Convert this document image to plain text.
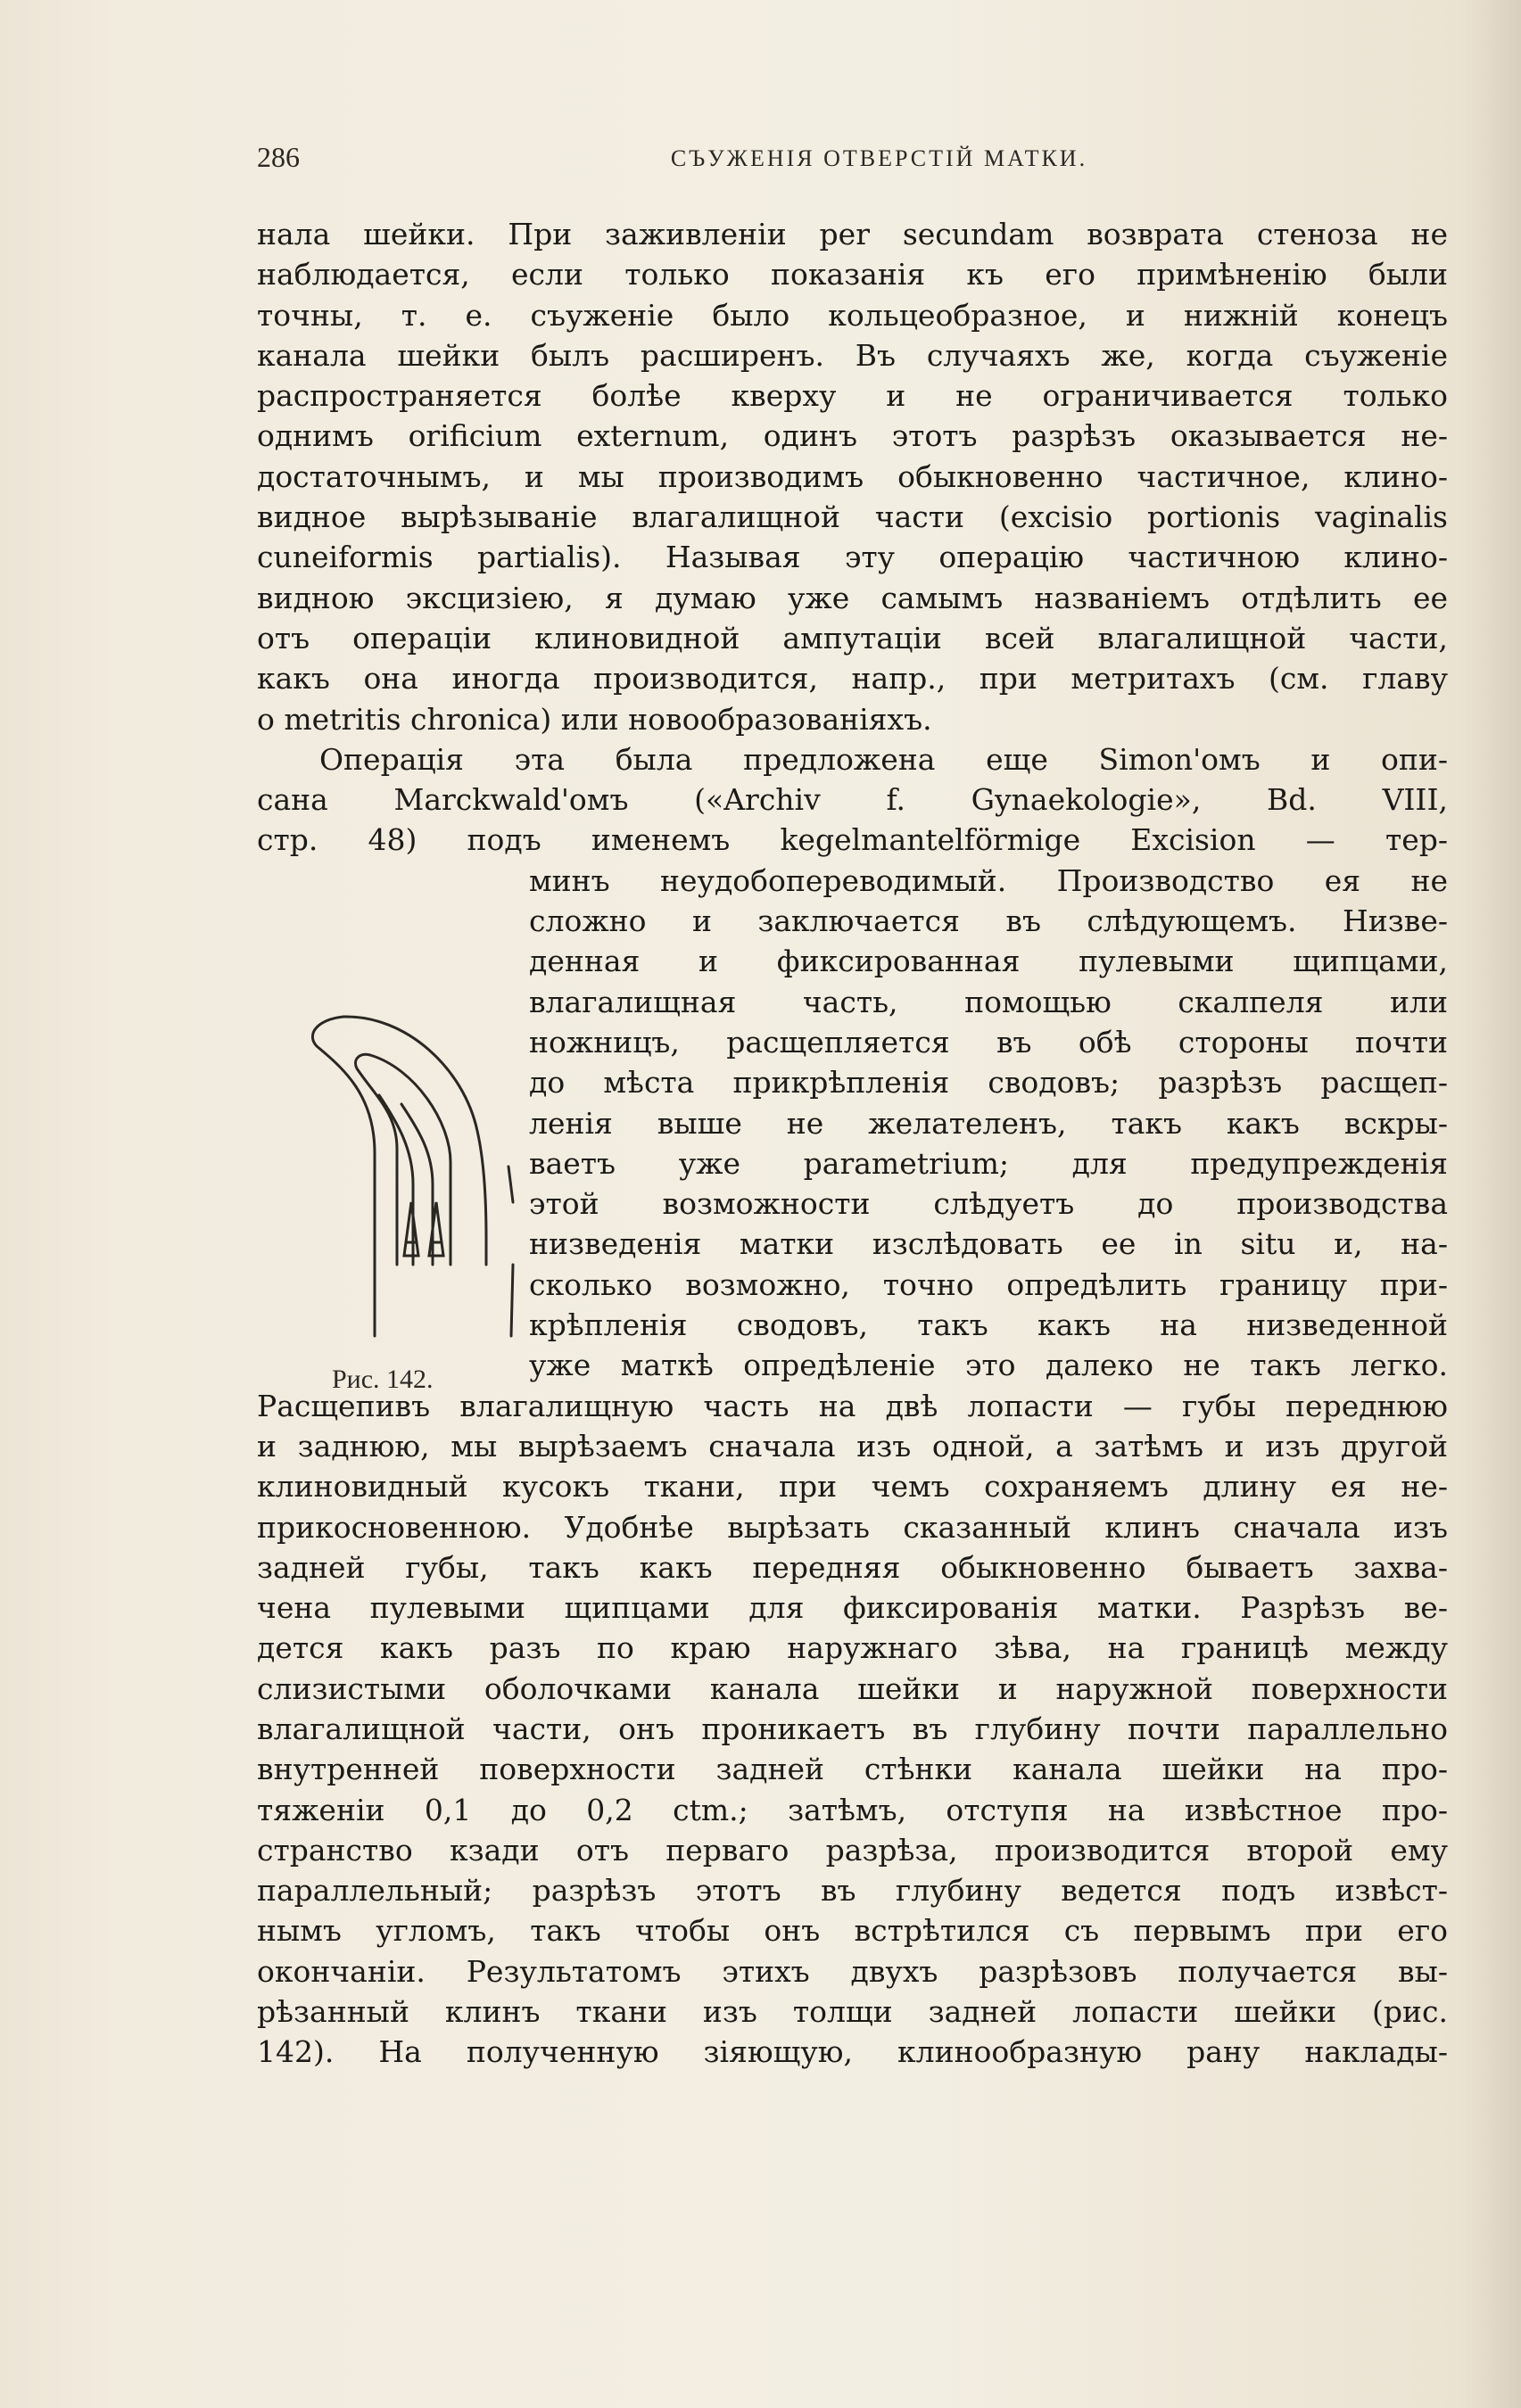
286	СЪУЖЕНІЯ ОТВЕРСТІЙ МАТКИ.
Рис. 142.
нала шейки. При заживленіи per secundam возврата стеноза не
наблюдается, если только показанія къ его примѣненію были
точны, т. е. съуженіе было кольцеобразное, и нижній конецъ
канала шейки былъ расширенъ. Въ случаяхъ же, когда съуженіе
распространяется болѣе кверху и не ограничивается только
однимъ orificium externum, одинъ этотъ разрѣзъ оказывается не-
достаточнымъ, и мы производимъ обыкновенно частичное, клино-
видное вырѣзываніе влагалищной части (excisio portionis vaginalis
cuneiformis partialis). Называя эту операцію частичною клино-
видною эксцизіею, я думаю уже самымъ названіемъ отдѣлить ее
отъ операціи клиновидной ампутаціи всей влагалищной части,
какъ она иногда производится, напр., при метритахъ (см. главу
о metritis chronica) или новообразованіяхъ.
Операція эта была предложена еще Simon'омъ и опи-
сана Marckwald'омъ («Archiv f. Gynaekologie», Bd. VIII,
стр. 48) подъ именемъ kegelmantelförmige Excision — тер-
минъ неудобопереводимый. Производство ея не
сложно и заключается въ слѣдующемъ. Низве-
денная и фиксированная пулевыми щипцами,
влагалищная часть, помощью скалпеля или
ножницъ, расщепляется въ обѣ стороны почти
до мѣста прикрѣпленія сводовъ; разрѣзъ расщеп-
ленія выше не желателенъ, такъ какъ вскры-
ваетъ уже parametrium; для предупрежденія
этой возможности слѣдуетъ до производства
низведенія матки изслѣдовать ее in situ и, на-
сколько возможно, точно опредѣлить границу при-
крѣпленія сводовъ, такъ какъ на низведенной
уже маткѣ опредѣленіе это далеко не такъ легко.
Расщепивъ влагалищную часть на двѣ лопасти — губы переднюю
и заднюю, мы вырѣзаемъ сначала изъ одной, а затѣмъ и изъ другой
клиновидный кусокъ ткани, при чемъ сохраняемъ длину ея не-
прикосновенною. Удобнѣе вырѣзать сказанный клинъ сначала изъ
задней губы, такъ какъ передняя обыкновенно бываетъ захва-
чена пулевыми щипцами для фиксированія матки. Разрѣзъ ве-
дется какъ разъ по краю наружнаго зѣва, на границѣ между
слизистыми оболочками канала шейки и наружной поверхности
влагалищной части, онъ проникаетъ въ глубину почти параллельно
внутренней поверхности задней стѣнки канала шейки на про-
тяженіи 0,1 до 0,2 ctm.; затѣмъ, отступя на извѣстное про-
странство кзади отъ перваго разрѣза, производится второй ему
параллельный; разрѣзъ этотъ въ глубину ведется подъ извѣст-
нымъ угломъ, такъ чтобы онъ встрѣтился съ первымъ при его
окончаніи. Результатомъ этихъ двухъ разрѣзовъ получается вы-
рѣзанный клинъ ткани изъ толщи задней лопасти шейки (рис.
142). На полученную зіяющую, клинообразную рану наклады-
